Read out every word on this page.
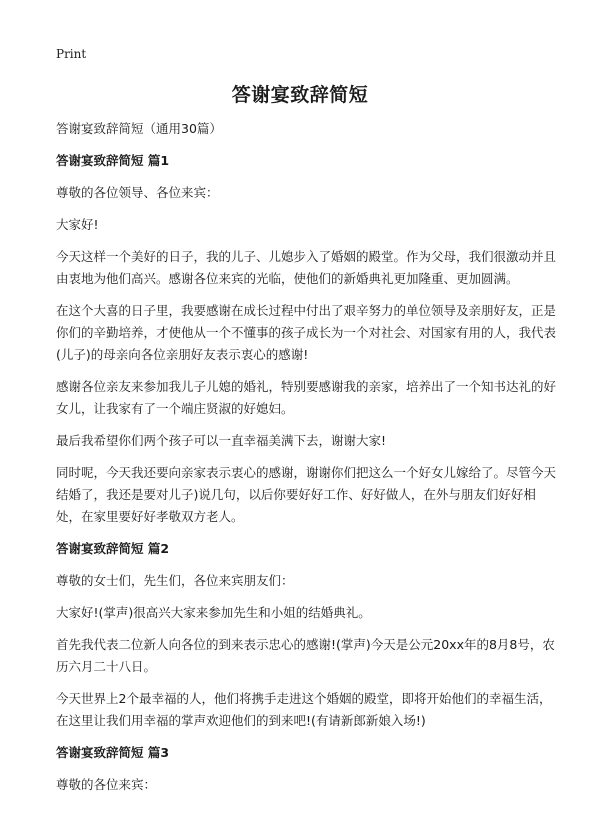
Print
答谢宴致辞简短

答谢宴致辞简短（通用30篇）

答谢宴致辞简短 篇1

尊敬的各位领导、各位来宾：

大家好!

今天这样一个美好的日子，我的儿子、儿媳步入了婚姻的殿堂。作为父母，我们很激动并且由衷地为他们高兴。感谢各位来宾的光临，使他们的新婚典礼更加隆重、更加圆满。

在这个大喜的日子里，我要感谢在成长过程中付出了艰辛努力的单位领导及亲朋好友，正是你们的辛勤培养，才使他从一个不懂事的孩子成长为一个对社会、对国家有用的人，我代表(儿子)的母亲向各位亲朋好友表示衷心的感谢!

感谢各位亲友来参加我儿子儿媳的婚礼，特别要感谢我的亲家，培养出了一个知书达礼的好女儿，让我家有了一个端庄贤淑的好媳妇。

最后我希望你们两个孩子可以一直幸福美满下去，谢谢大家!

同时呢，今天我还要向亲家表示衷心的感谢，谢谢你们把这么一个好女儿嫁给了。尽管今天结婚了，我还是要对儿子)说几句，以后你要好好工作、好好做人，在外与朋友们好好相处，在家里要好好孝敬双方老人。

答谢宴致辞简短 篇2

尊敬的女士们，先生们，各位来宾朋友们：

大家好!(掌声)很高兴大家来参加先生和小姐的结婚典礼。

首先我代表二位新人向各位的到来表示忠心的感谢!(掌声)今天是公元20xx年的8月8号，农历六月二十八日。

今天世界上2个最幸福的人，他们将携手走进这个婚姻的殿堂，即将开始他们的幸福生活，在这里让我们用幸福的掌声欢迎他们的到来吧!(有请新郎新娘入场!)

答谢宴致辞简短 篇3

尊敬的各位来宾：
